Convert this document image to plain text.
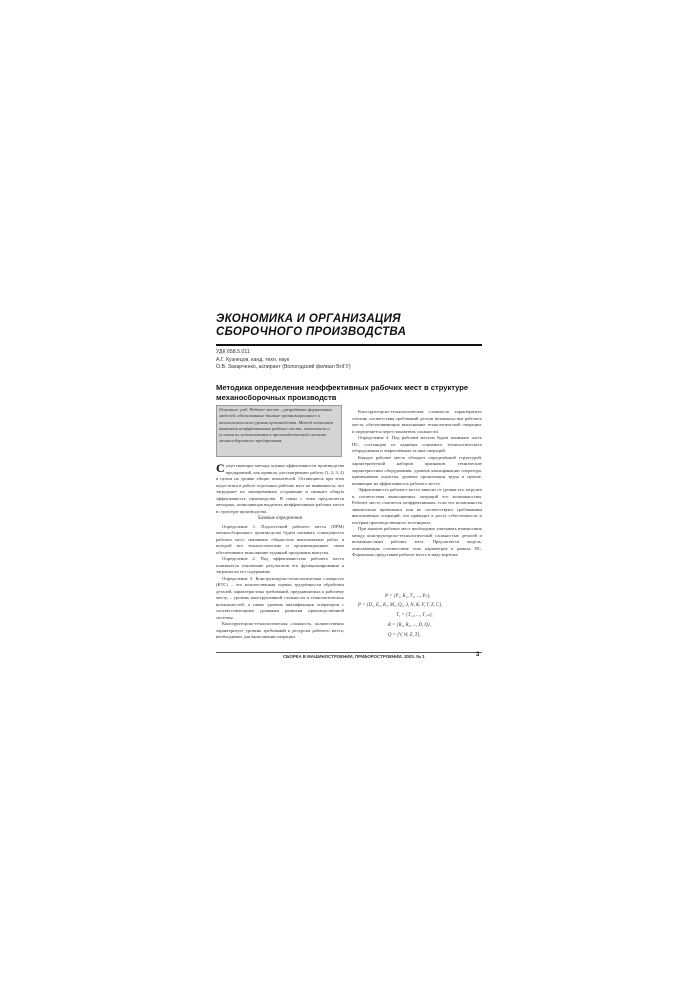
ЭКОНОМИКА И ОРГАНИЗАЦИЯ СБОРОЧНОГО ПРОИЗВОДСТВА
УДК 658.5.011
А.Г. Кузнецов, канд. техн. наук
О.В. Захарченко, аспирант (Вологодский филиал ВлГУ)
Методика определения неэффективных рабочих мест в структуре механосборочных производств
Описание: раб. Рабочее место – разработка формальных моделей, обоснованные данные организационного и технологического уровня производства. Метод позволяет выявлять неэффективные рабочие места, показатели и условия их использования в производственной системе механосборочного предприятия.

Существующие методы оценки эффективности производства предприятий, как правило, рассматривают работу (1, 2, 3, 4) в целом на уровне общих показателей. Остающиеся при этом недостатки в работе отдельных рабочих мест не выявляются, что затрудняет их своевременное устранение и снижает общую эффективность производства. В связи с этим предлагается методика, позволяющая выделить неэффективные рабочие места в структуре производства.

Базовые определения

Определение 1. Подсистемой рабочего места (ПРМ) механосборочного производства будем называть совокупность рабочих мест, связанных общностью выполняемых работ, в которой все технологические и организационные связи обеспечивают выполнение заданной программы выпуска.

Определение 2. Под эффективностью рабочего места понимается отношение результатов его функционирования к затратам на его содержание.

Определение 3. Конструкторско-технологическая сложность (КТС) – это количественная оценка трудоёмкости обработки деталей, характеристика требований, предъявляемых к рабочему месту, – уровень конструктивной сложности и технологических возможностей, а также уровень квалификации операторов с соответствующими уровнями развития производственной системы.

Конструкторско-технологическая сложность, количественно характеризует уровень требований к ресурсам рабочего места, необходимых для выполнения операции.

Конструкторско-технологическая сложность характеризует степень соответствия требований детали возможностям рабочего места, обеспечивающих выполнение технологической операции, и определяется через показатель сложности.

Определение 4. Под рабочим местом будем понимать часть ПС, состоящую из единицы основного технологического оборудования и закреплённых за ним операций.

Каждое рабочее место обладает определённой структурой, характеризуемой набором признаков: технические характеристики оборудования, уровень квалификации оператора, применяемая оснастка, уровень организации труда и прочие, влияющие на эффективность рабочего места.

Эффективность рабочего места зависит от уровня его загрузки и соответствия выполняемых операций его возможностям. Рабочее место считается неэффективным, если его возможности значительно превышают или не соответствуют требованиям выполняемых операций, что приводит к росту себестоимости и потерям производственного потенциала.

При анализе рабочих мест необходимо учитывать взаимосвязь между конструкторско-технологической сложностью деталей и возможностями рабочих мест. Предлагается модель, описывающая соответствие этих параметров в рамках ПС. Формально представим рабочее место в виде кортежа:

Р = {P₁, K₁, Т₁, ..., Pₙ},
Р = {D₁, E₁, R₁, М₁, Q₁, З, N, K, F, T, Z, C},
Т₁ = {Т₁₁, ..., Т₁ₘ},
R = {R₁, R₂, ..., D, Q},
Q = {V, W, Z, T},
СБОРКА В МАШИНОСТРОЕНИИ, ПРИБОРОСТРОЕНИИ. 2003. № 1	3
